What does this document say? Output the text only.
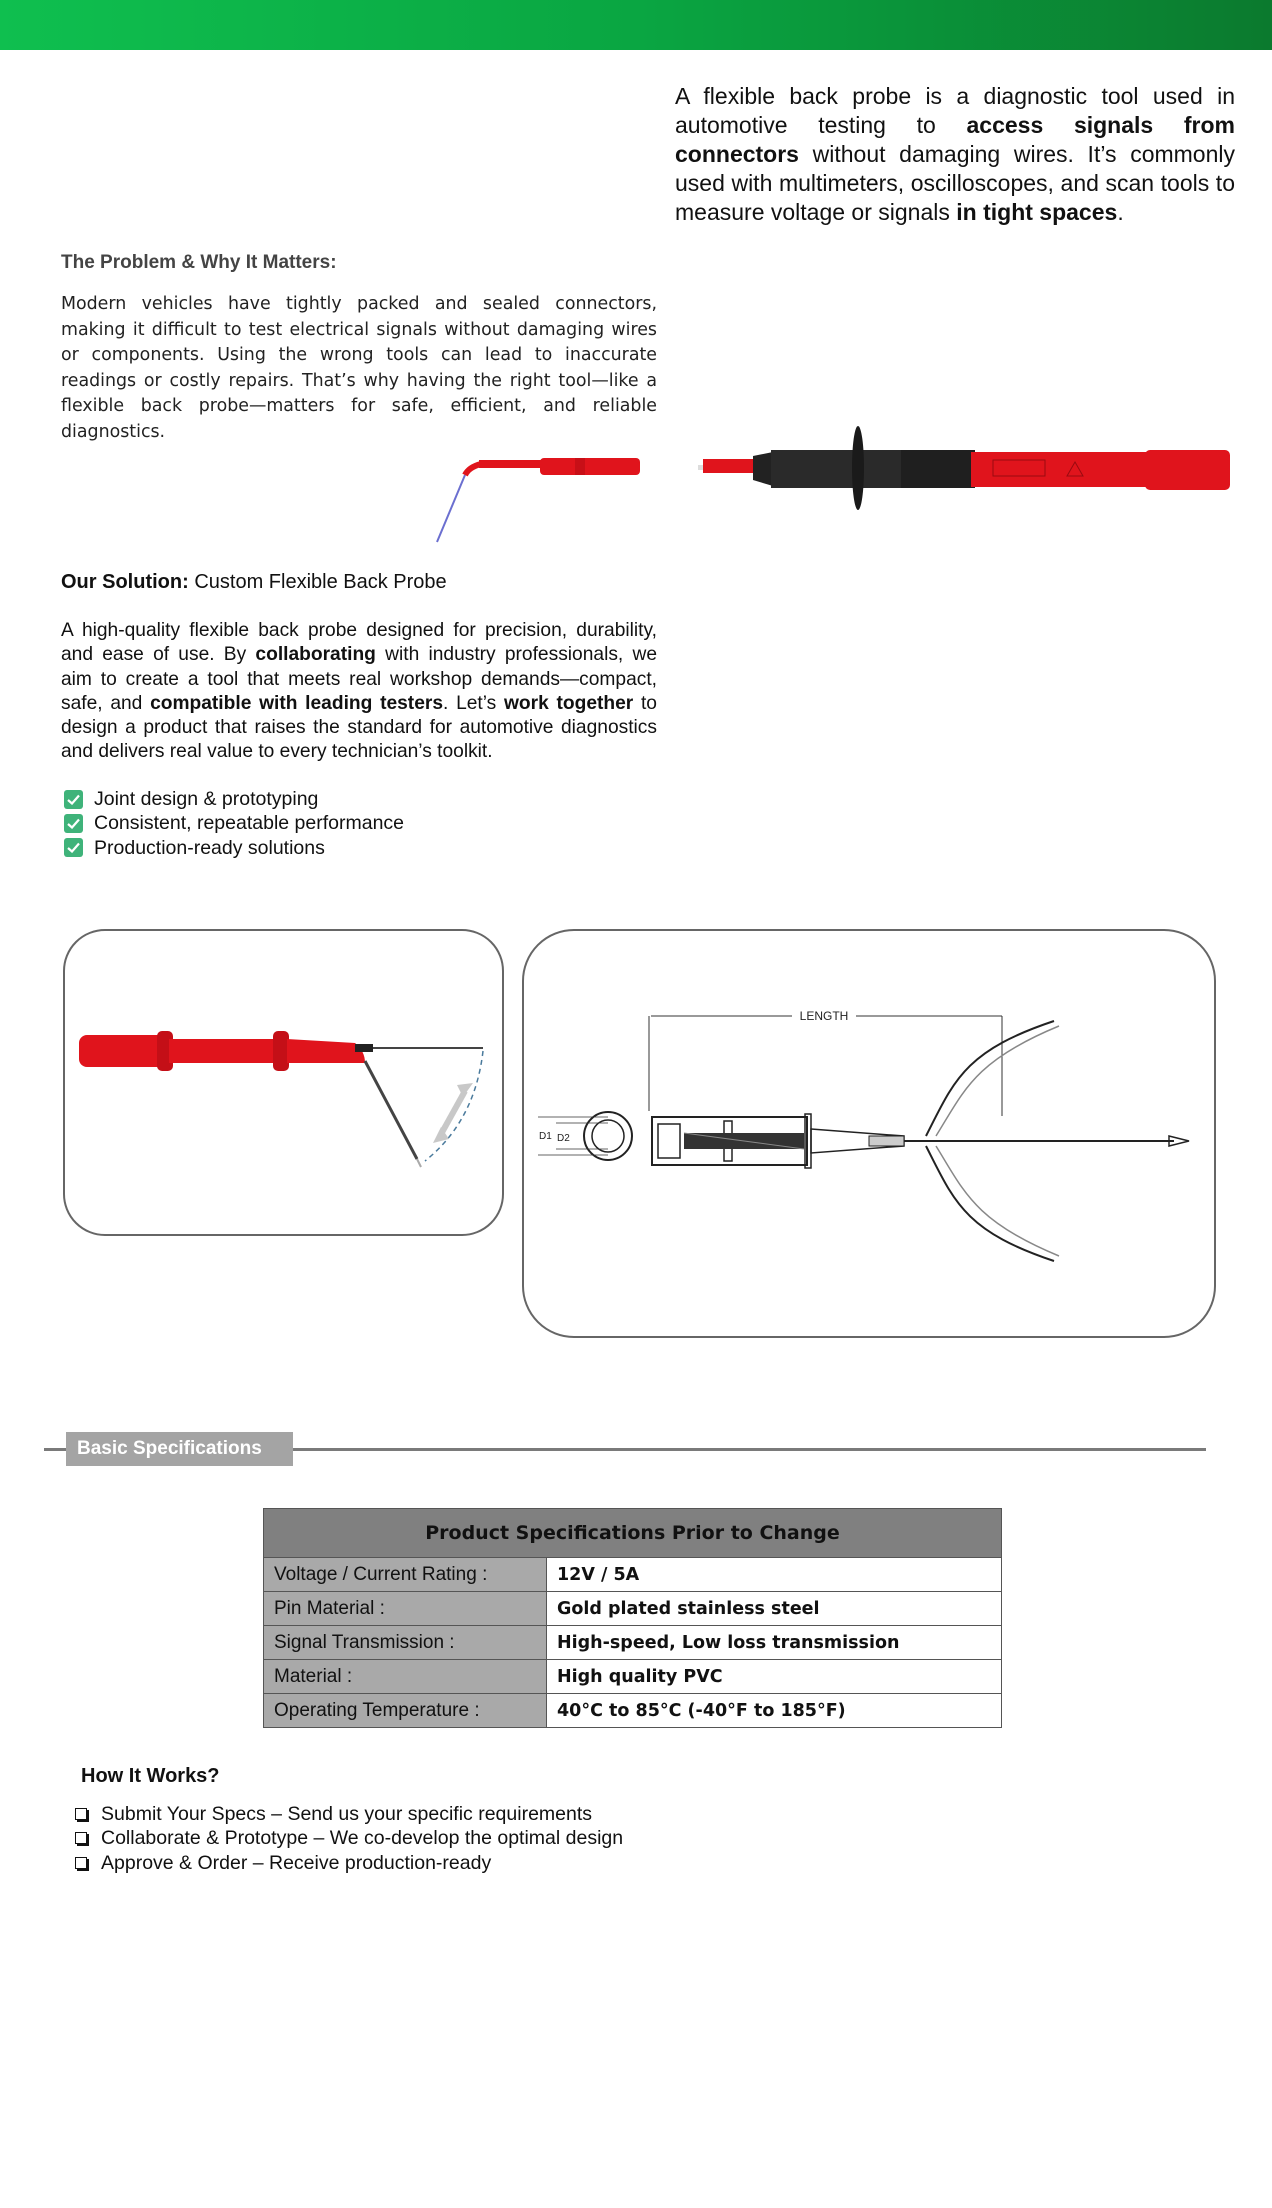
A flexible back probe is a diagnostic tool used in automotive testing to access signals from connectors without damaging wires. It’s commonly used with multimeters, oscilloscopes, and scan tools to measure voltage or signals in tight spaces.
The Problem & Why It Matters:
Modern vehicles have tightly packed and sealed connectors, making it difficult to test electrical signals without damaging wires or components. Using the wrong tools can lead to inaccurate readings or costly repairs. That’s why having the right tool—like a flexible back probe—matters for safe, efficient, and reliable diagnostics.
Our Solution: Custom Flexible Back Probe
A high-quality flexible back probe designed for precision, durability, and ease of use. By collaborating with industry professionals, we aim to create a tool that meets real workshop demands—compact, safe, and compatible with leading testers. Let’s work together to design a product that raises the standard for automotive diagnostics and delivers real value to every technician’s toolkit.
Joint design & prototyping
Consistent, repeatable performance
Production-ready solutions
LENGTH
D1 D2
Basic Specifications
Product Specifications Prior to Change	
Voltage / Current Rating :	12V / 5A
Pin Material :	Gold plated stainless steel
Signal Transmission :	High-speed, Low loss transmission
Material :	High quality PVC
Operating Temperature :	40°C to 85°C (-40°F to 185°F)
How It Works?
Submit Your Specs – Send us your specific requirements
Collaborate & Prototype – We co-develop the optimal design
Approve & Order – Receive production-ready
